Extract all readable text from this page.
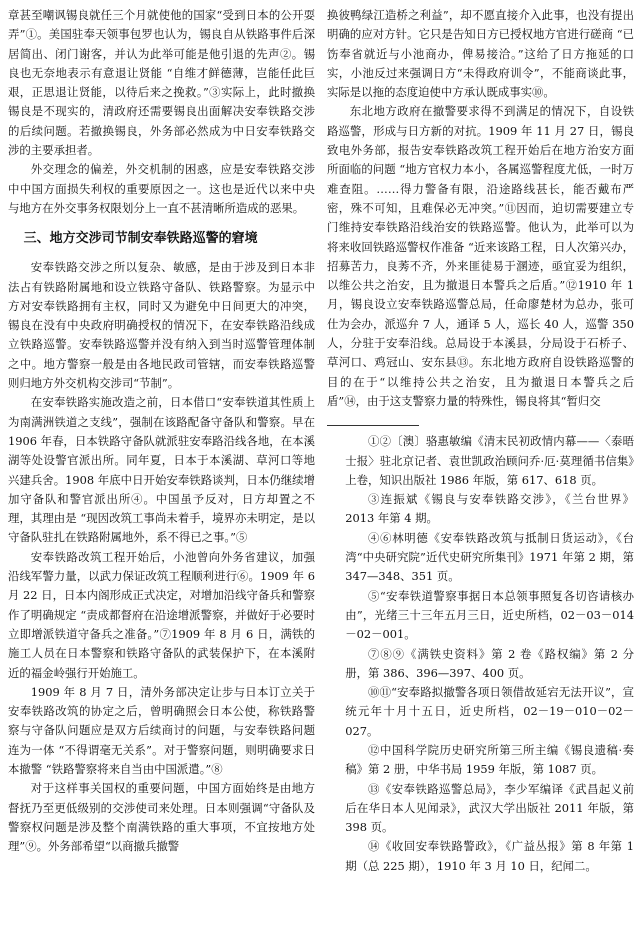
章甚至嘲讽锡良就任三个月就使他的国家“受到日本的公开耍弄”①。美国驻奉天领事包罗也认为，锡良自从铁路事件后深居简出、闭门谢客，并认为此举可能是他引退的先声②。锡良也无奈地表示有意退让贤能 “自维才鲜德薄，岂能任此巨艰，正思退让贤能，以待后来之挽救。”③实际上，此时撤换锡良是不现实的，清政府还需要锡良出面解决安奉铁路交涉的后续问题。若撤换锡良，外务部必然成为中日安奉铁路交涉的主要承担者。

外交理念的偏差，外交机制的困惑，应是安奉铁路交涉中中国方面损失利权的重要原因之一。这也是近代以来中央与地方在外交事务权限划分上一直不甚清晰所造成的恶果。

三、地方交涉司节制安奉铁路巡警的窘境

安奉铁路交涉之所以复杂、敏感，是由于涉及到日本非法占有铁路附属地和设立铁路守备队、铁路警察。为显示中方对安奉铁路拥有主权，同时又为避免中日间更大的冲突，锡良在没有中央政府明确授权的情况下，在安奉铁路沿线成立铁路巡警。安奉铁路巡警并没有纳入到当时巡警管理体制之中。地方警察一般是由各地民政司管辖，而安奉铁路巡警则归地方外交机构交涉司“节制”。

在安奉铁路实施改造之前，日本借口“安奉铁道其性质上为南满洲铁道之支线”，强制在该路配备守备队和警察。早在 1906 年春，日本铁路守备队就派驻安奉路沿线各地，在本溪湖等处设警官派出所。同年夏，日本于本溪湖、草河口等地兴建兵舍。1908 年底中日开始安奉铁路谈判，日本仍继续增加守备队和警官派出所④。中国虽予反对，日方却置之不理，其理由是 “现因改筑工事尚未着手，境界亦未明定，是以守备队驻扎在铁路附属地外，系不得已之事。”⑤

安奉铁路改筑工程开始后，小池曾向外务省建议，加强沿线军警力量，以武力保证改筑工程顺利进行⑥。1909 年 6 月 22 日，日本内阁形成正式决定，对增加沿线守备兵和警察作了明确规定 “责成都督府在沿途增派警察，并做好于必要时立即增派铁道守备兵之准备。”⑦1909 年 8 月 6 日，满铁的施工人员在日本警察和铁路守备队的武装保护下，在本溪附近的福金岭强行开始施工。

1909 年 8 月 7 日，清外务部决定让步与日本订立关于安奉铁路改筑的协定之后，曾明确照会日本公使，称铁路警察与守备队问题应是双方后续商讨的问题，与安奉铁路问题连为一体 “不得谓毫无关系”。对于警察问题，则明确要求日本撤警 “铁路警察将来自当由中国派遣。”⑧

对于这样事关国权的重要问题，中国方面始终是由地方督抚乃至更低级别的交涉使司来处理。日本则强调“守备队及警察权问题是涉及整个南满铁路的重大事项，不宜按地方处理”⑨。外务部希望“以商撤兵撤警

换彼鸭绿江造桥之利益”，却不愿直接介入此事，也没有提出明确的应对方针。它只是告知日方已授权地方官进行磋商 “已饬奉省就近与小池商办，俾易接洽。”这给了日方拖延的口实，小池反过来强调日方“未得政府训令”，不能商谈此事，实际是以拖的态度迫使中方承认既成事实⑩。

东北地方政府在撤警要求得不到满足的情况下，自设铁路巡警，形成与日方新的对抗。1909 年 11 月 27 日，锡良致电外务部，报告安奉铁路改筑工程开始后在地方治安方面所面临的问题 “地方官权力本小，各属巡警程度尤低，一时万难查阻。……得力警备有限，沿途路线甚长，能否戴布严密，殊不可知，且难保必无冲突。”⑪因而，迫切需要建立专门维持安奉铁路沿线治安的铁路巡警。他认为，此举可以为将来收回铁路巡警权作准备 “近来该路工程，日人次第兴办，招募苦力，良莠不齐，外来匪徒易于溷迹，亟宜妥为组织，以维公共之治安，且为撤退日本警兵之后盾。”⑫1910 年 1 月，锡良设立安奉铁路巡警总局，任命廖楚材为总办，张可仕为会办，派巡弁 7 人，通译 5 人，巡长 40 人，巡警 350 人，分驻于安奉沿线。总局设于本溪县，分局设于石桥子、草河口、鸡冠山、安东县⑬。东北地方政府自设铁路巡警的目的在于“以维持公共之治安，且为撤退日本警兵之后盾”⑭，由于这支警察力量的特殊性，锡良将其“暂归交

①②〔澳〕骆惠敏编《清末民初政情内幕——〈泰晤士报〉驻北京记者、袁世凯政治顾问乔·厄·莫理循书信集》上卷，知识出版社 1986 年版，第 617、618 页。

③连振斌《锡良与安奉铁路交涉》，《兰台世界》2013 年第 4 期。

④⑥林明德《安奉铁路改筑与抵制日货运动》，《台湾“中央研究院”近代史研究所集刊》1971 年第 2 期，第 347—348、351 页。

⑤“安奉铁道警察事据日本总领事照复各切咨请核办由”，光绪三十三年五月三日，近史所档，02－03－014－02－001。

⑦⑧⑨《满铁史资料》第 2 卷《路权编》第 2 分册，第 386、396—397、400 页。

⑩⑪“安奉路拟撤警各项日领借故延宕无法开议”，宣统元年十月十五日，近史所档，02－19－010－02－027。

⑫中国科学院历史研究所第三所主编《锡良遗稿·奏稿》第 2 册，中华书局 1959 年版，第 1087 页。

⑬《安奉铁路巡警总局》，李少军编译《武昌起义前后在华日本人见闻录》，武汉大学出版社 2011 年版，第 398 页。

⑭《收回安奉铁路警政》，《广益丛报》第 8 年第 1 期（总 225 期），1910 年 3 月 10 日，纪闻二。
